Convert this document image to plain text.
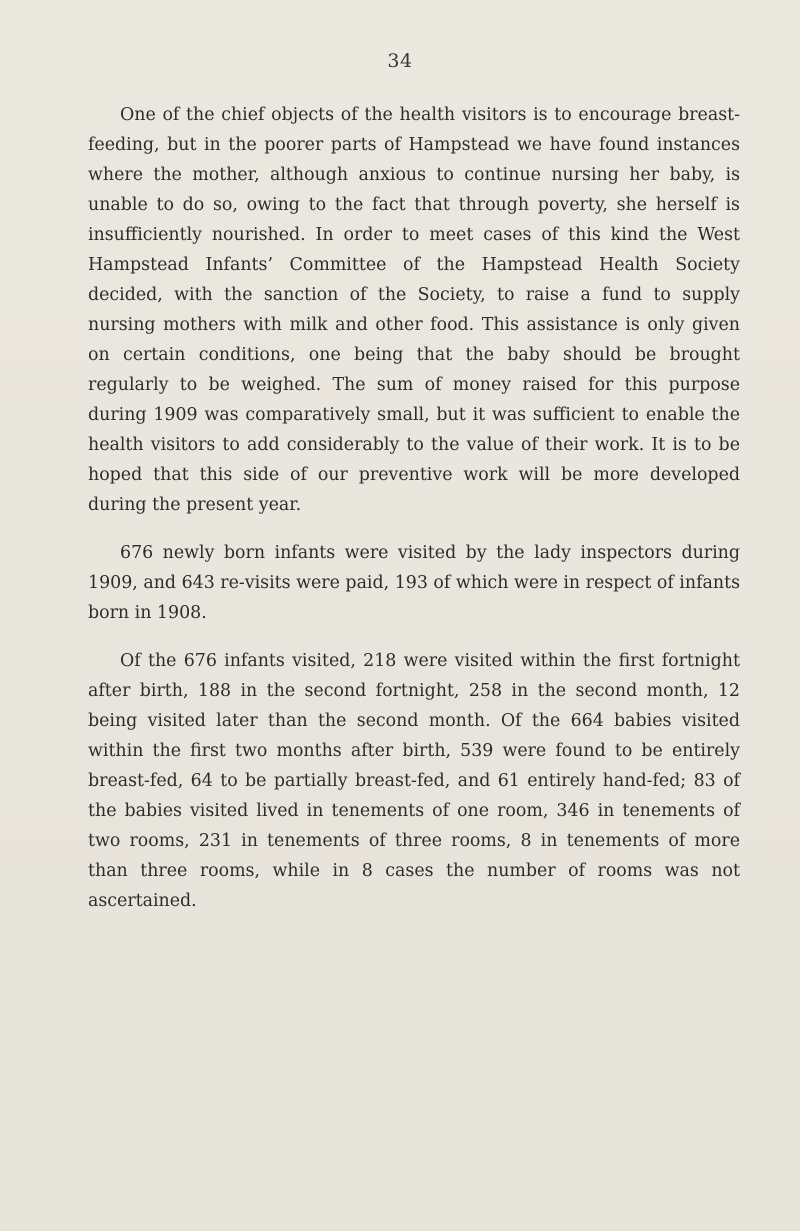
34

One of the chief objects of the health visitors is to encourage breast-feeding, but in the poorer parts of Hampstead we have found instances where the mother, although anxious to continue nursing her baby, is unable to do so, owing to the fact that through poverty, she herself is insufficiently nourished. In order to meet cases of this kind the West Hampstead Infants’ Committee of the Hampstead Health Society decided, with the sanction of the Society, to raise a fund to supply nursing mothers with milk and other food. This assistance is only given on certain conditions, one being that the baby should be brought regularly to be weighed. The sum of money raised for this purpose during 1909 was comparatively small, but it was sufficient to enable the health visitors to add considerably to the value of their work. It is to be hoped that this side of our preventive work will be more developed during the present year.

676 newly born infants were visited by the lady inspectors during 1909, and 643 re-visits were paid, 193 of which were in respect of infants born in 1908.

Of the 676 infants visited, 218 were visited within the first fortnight after birth, 188 in the second fortnight, 258 in the second month, 12 being visited later than the second month. Of the 664 babies visited within the first two months after birth, 539 were found to be entirely breast-fed, 64 to be partially breast-fed, and 61 entirely hand-fed; 83 of the babies visited lived in tenements of one room, 346 in tenements of two rooms, 231 in tenements of three rooms, 8 in tenements of more than three rooms, while in 8 cases the number of rooms was not ascertained.
